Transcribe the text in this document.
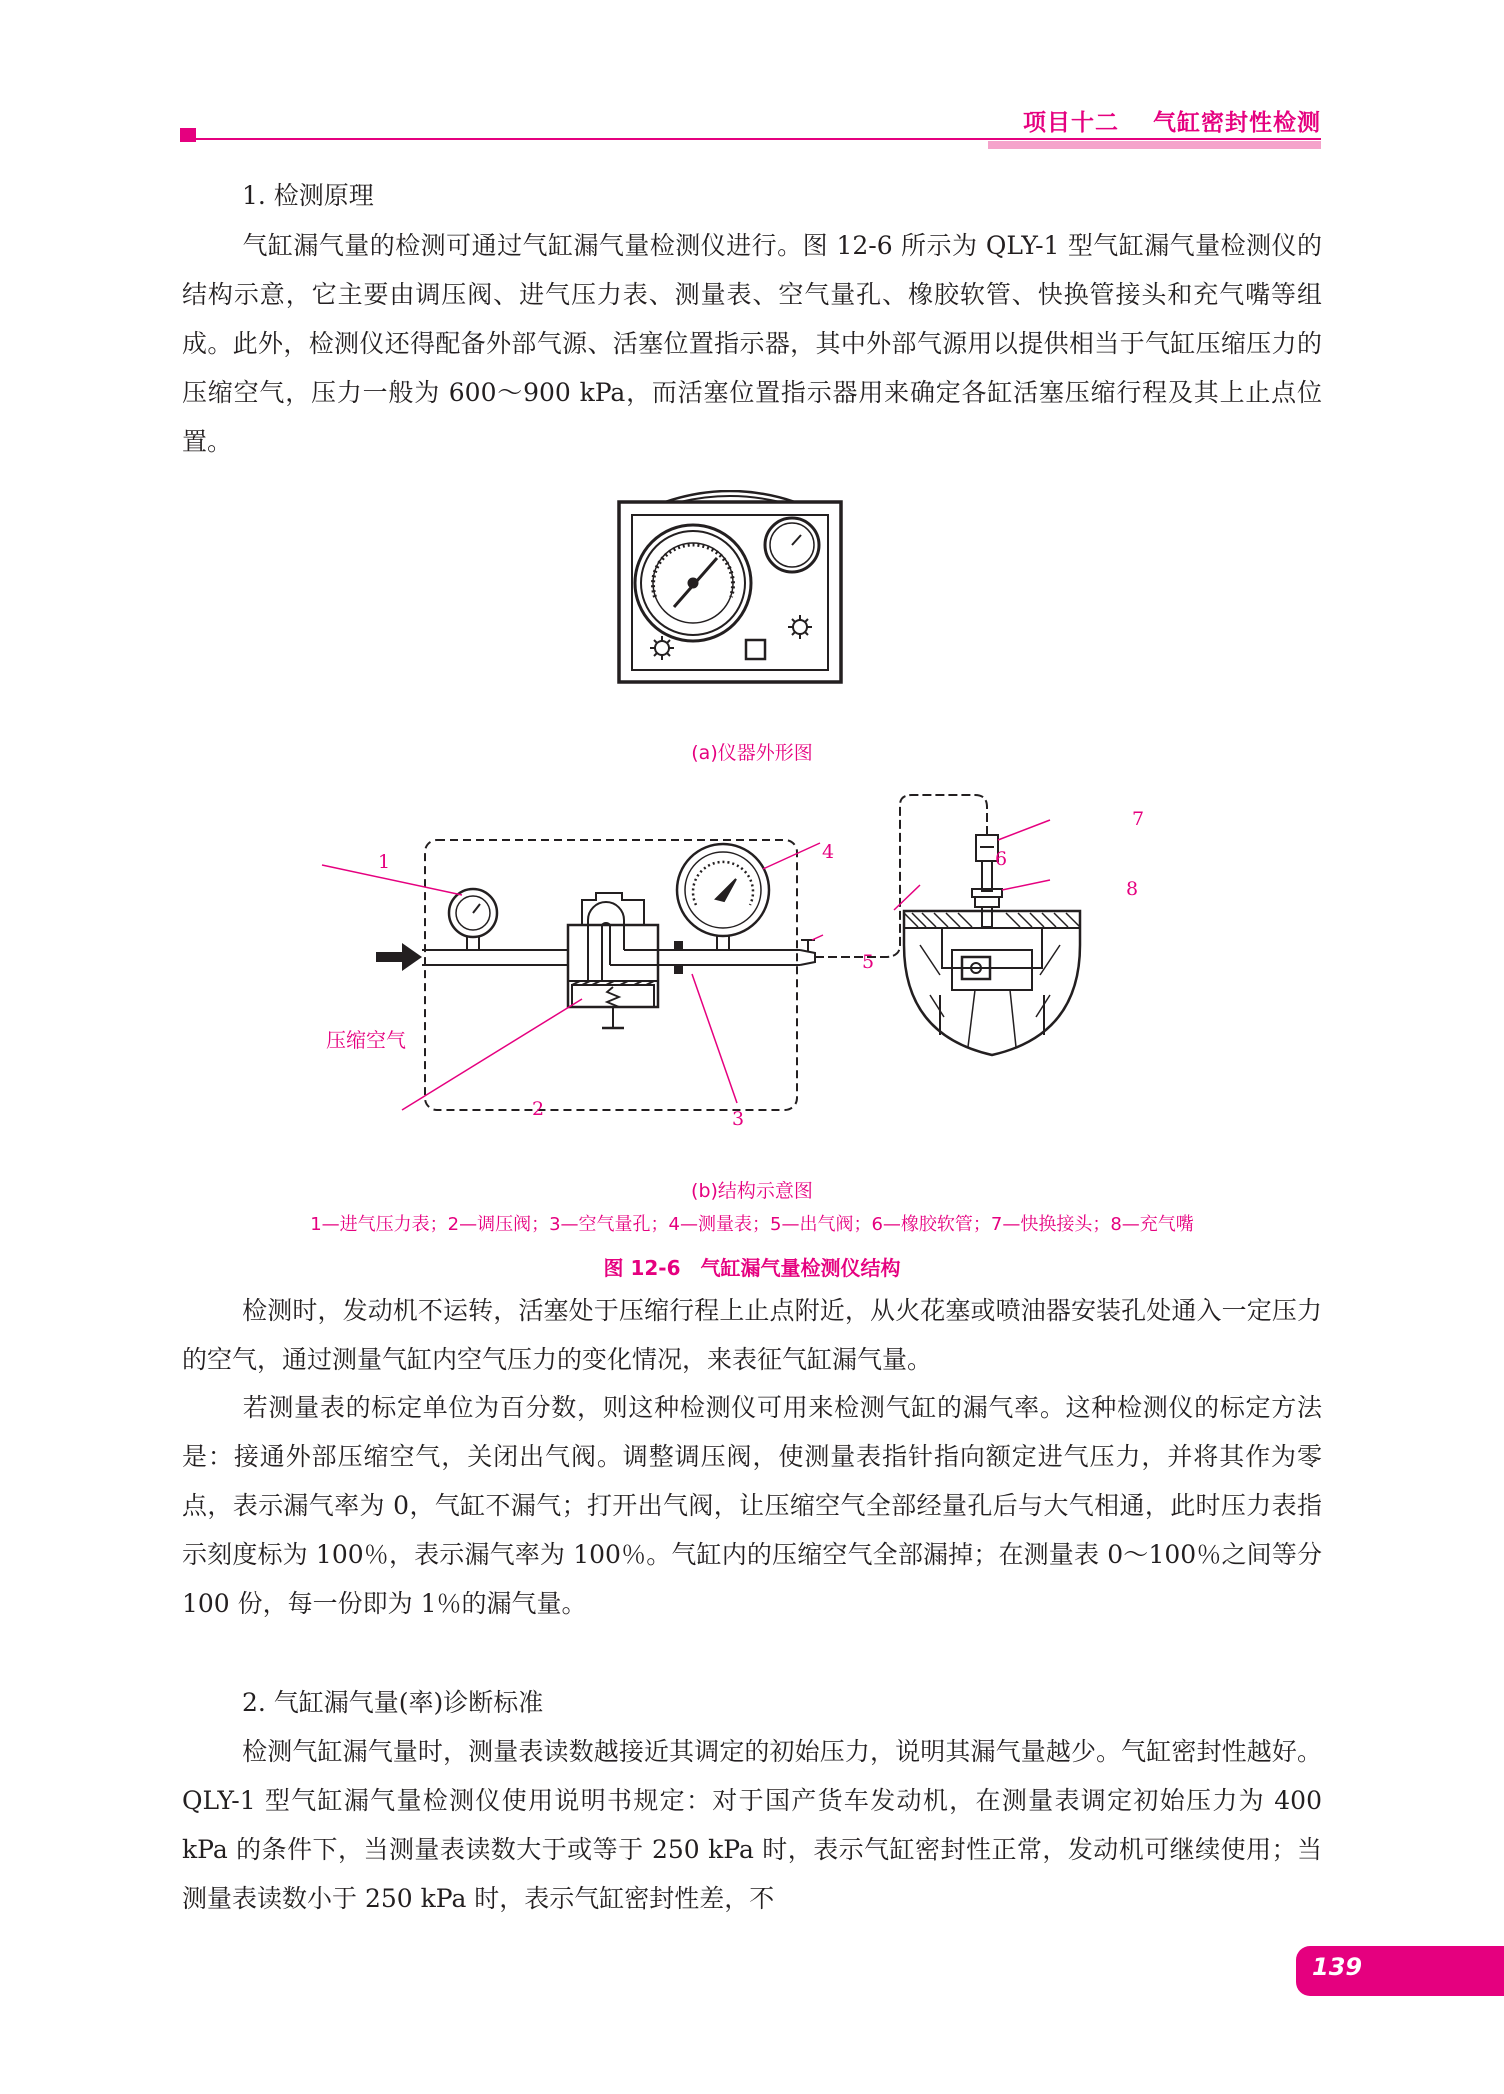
项目十二 气缸密封性检测
1. 检测原理
气缸漏气量的检测可通过气缸漏气量检测仪进行。图 12-6 所示为 QLY-1 型气缸漏气量检测仪的结构示意，它主要由调压阀、进气压力表、测量表、空气量孔、橡胶软管、快换管接头和充气嘴等组成。此外，检测仪还得配备外部气源、活塞位置指示器，其中外部气源用以提供相当于气缸压缩压力的压缩空气，压力一般为 600～900 kPa，而活塞位置指示器用来确定各缸活塞压缩行程及其上止点位置。
(a)仪器外形图
1
2	3
4
5
6
7
8
压缩空气
(b)结构示意图
1—进气压力表；2—调压阀；3—空气量孔；4—测量表；5—出气阀；6—橡胶软管；7—快换接头；8—充气嘴
图 12-6　气缸漏气量检测仪结构
检测时，发动机不运转，活塞处于压缩行程上止点附近，从火花塞或喷油器安装孔处通入一定压力的空气，通过测量气缸内空气压力的变化情况，来表征气缸漏气量。
若测量表的标定单位为百分数，则这种检测仪可用来检测气缸的漏气率。这种检测仪的标定方法是：接通外部压缩空气，关闭出气阀。调整调压阀，使测量表指针指向额定进气压力，并将其作为零点，表示漏气率为 0，气缸不漏气；打开出气阀，让压缩空气全部经量孔后与大气相通，此时压力表指示刻度标为 100％，表示漏气率为 100％。气缸内的压缩空气全部漏掉；在测量表 0～100％之间等分 100 份，每一份即为 1％的漏气量。
2. 气缸漏气量(率)诊断标准
检测气缸漏气量时，测量表读数越接近其调定的初始压力，说明其漏气量越少。气缸密封性越好。QLY-1 型气缸漏气量检测仪使用说明书规定：对于国产货车发动机，在测量表调定初始压力为 400 kPa 的条件下，当测量表读数大于或等于 250 kPa 时，表示气缸密封性正常，发动机可继续使用；当测量表读数小于 250 kPa 时，表示气缸密封性差，不
139
